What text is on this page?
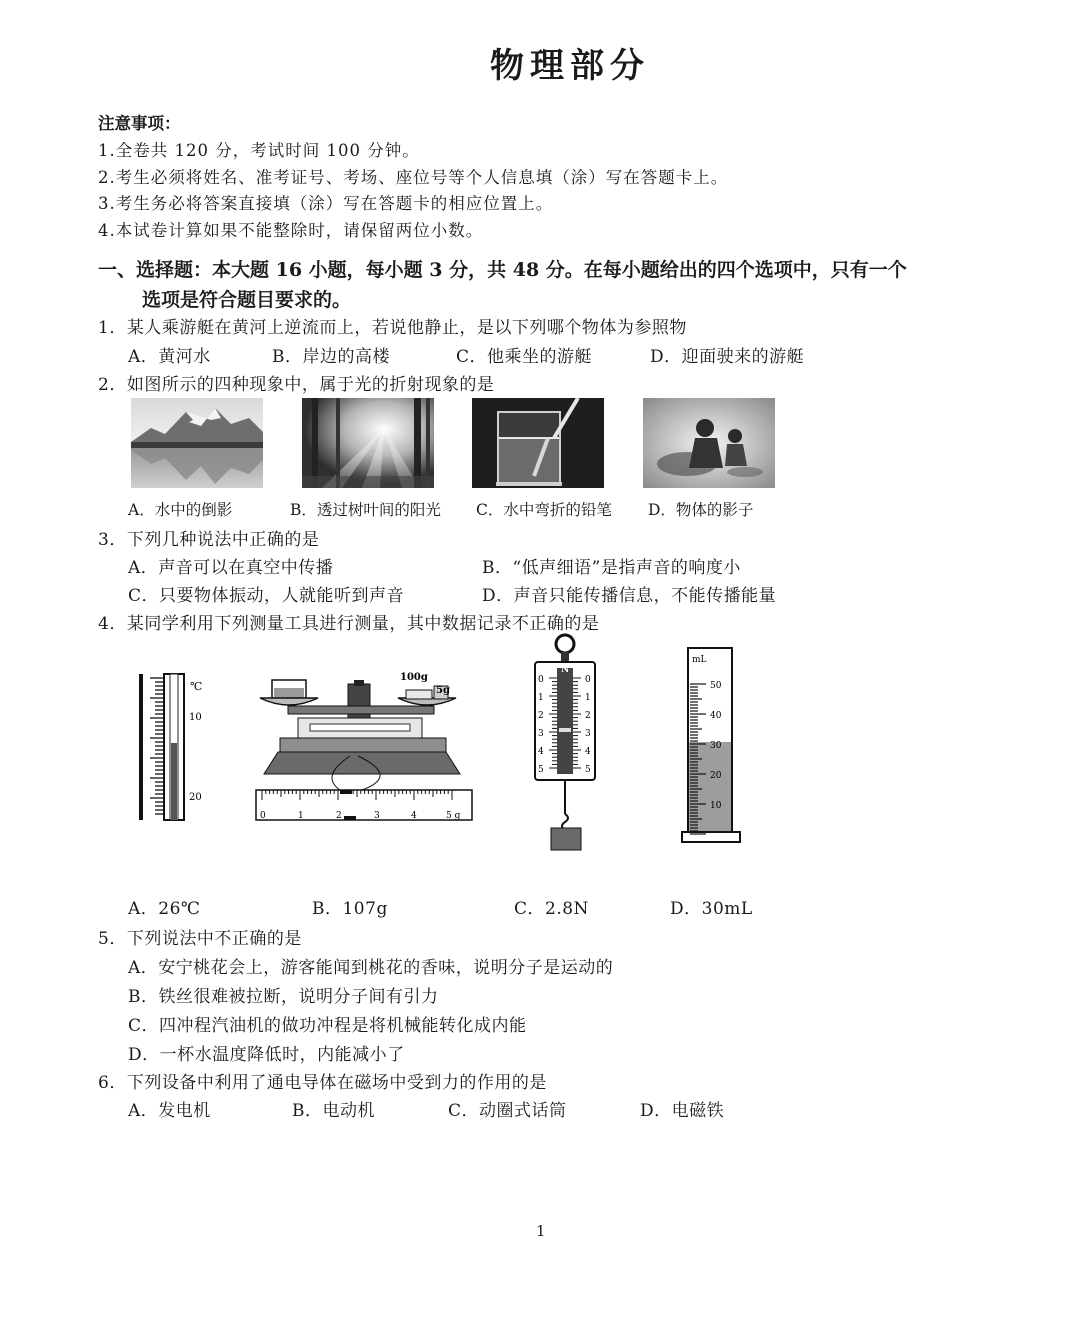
物理部分
注意事项：
1.全卷共 120 分，考试时间 100 分钟。
2.考生必须将姓名、准考证号、考场、座位号等个人信息填（涂）写在答题卡上。
3.考生务必将答案直接填（涂）写在答题卡的相应位置上。
4.本试卷计算如果不能整除时，请保留两位小数。
一、选择题：本大题 16 小题，每小题 3 分，共 48 分。在每小题给出的四个选项中，只有一个
选项是符合题目要求的。
1．某人乘游艇在黄河上逆流而上，若说他静止，是以下列哪个物体为参照物
A．黄河水	B．岸边的高楼	C．他乘坐的游艇	D．迎面驶来的游艇
2．如图所示的四种现象中，属于光的折射现象的是
A．水中的倒影	B．透过树叶间的阳光 C．水中弯折的铅笔 D．物体的影子
3．下列几种说法中正确的是
A．声音可以在真空中传播	B．“低声细语”是指声音的响度小
C．只要物体振动，人就能听到声音	D．声音只能传播信息，不能传播能量
4．某同学利用下列测量工具进行测量，其中数据记录不正确的是
℃
10
20
100g
5g
0	1	2	3	4	5 g
N
0
1
2
3
4
5
0
1
2
3
4
5
mL
50
40
30
20
10
A．26℃	B．107g	C．2.8N	D．30mL
5．下列说法中不正确的是
A．安宁桃花会上，游客能闻到桃花的香味，说明分子是运动的
B．铁丝很难被拉断，说明分子间有引力
C．四冲程汽油机的做功冲程是将机械能转化成内能
D．一杯水温度降低时，内能减小了
6．下列设备中利用了通电导体在磁场中受到力的作用的是
A．发电机	B．电动机	C．动圈式话筒	D．电磁铁
1
